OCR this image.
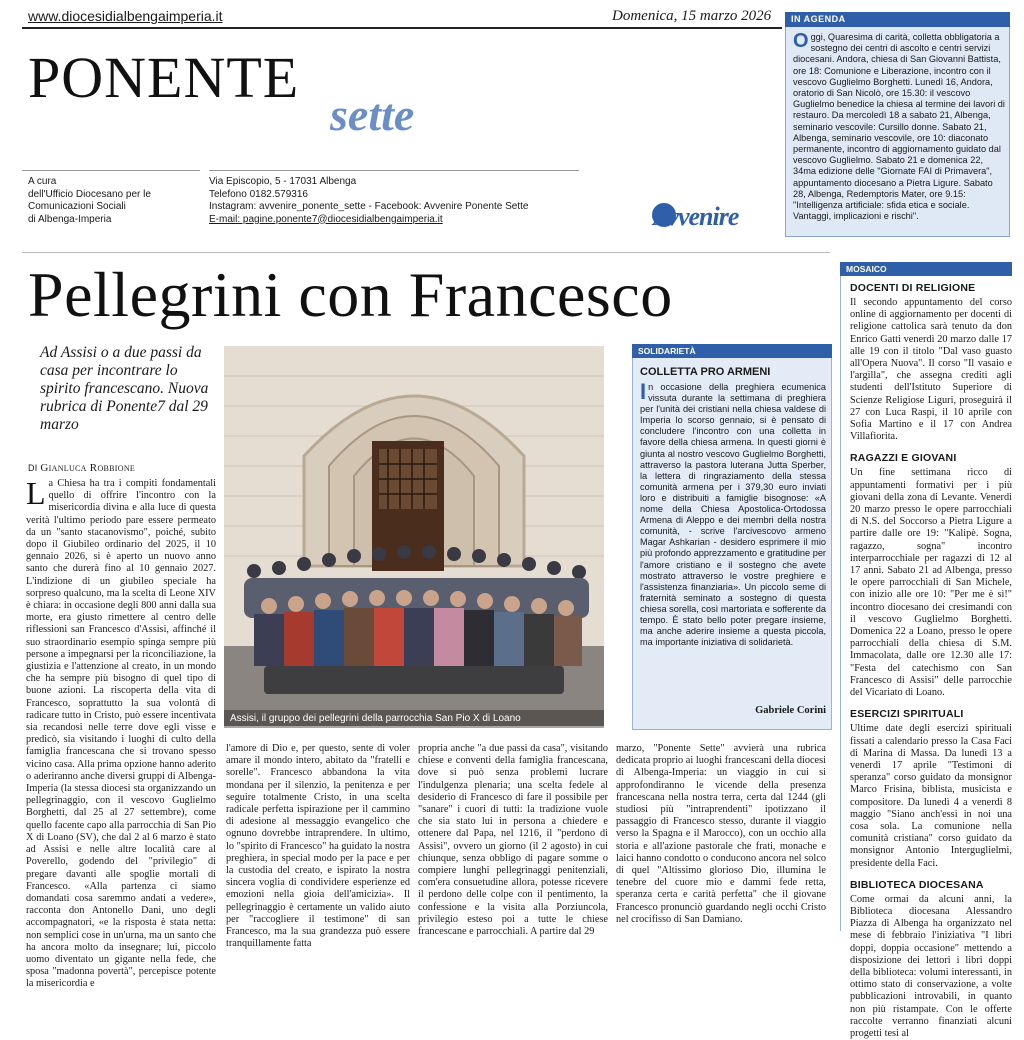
www.diocesidialbengaimperia.it	Domenica, 15 marzo 2026
PONENTE
sette
A cura
dell'Ufficio Diocesano per le
Comunicazioni Sociali
di Albenga-Imperia
Via Episcopio, 5 - 17031 Albenga
Telefono 0182.579316
Instagram: avvenire_ponente_sette - Facebook: Avvenire Ponente Sette
E-mail: pagine.ponente7@diocesidialbengaimperia.it	Avvenire
IN AGENDA
Oggi, Quaresima di carità, colletta obbligatoria a sostegno dei centri di ascolto e centri servizi diocesani. Andora, chiesa di San Giovanni Battista, ore 18: Comunione e Liberazione, incontro con il vescovo Guglielmo Borghetti. Lunedì 16, Andora, oratorio di San Nicolò, ore 15.30: il vescovo Guglielmo benedice la chiesa al termine dei lavori di restauro. Da mercoledì 18 a sabato 21, Albenga, seminario vescovile: Cursillo donne. Sabato 21, Albenga, seminario vescovile, ore 10: diaconato permanente, incontro di aggiornamento guidato dal vescovo Guglielmo. Sabato 21 e domenica 22, 34ma edizione delle "Giornate FAI di Primavera", appuntamento diocesano a Pietra Ligure. Sabato 28, Albenga, Redemptoris Mater, ore 9.15: "Intelligenza artificiale: sfida etica e sociale. Vantaggi, implicazioni e rischi".
Pellegrini con Francesco
Ad Assisi o a due passi da casa per incontrare lo spirito francescano. Nuova rubrica di Ponente7 dal 29 marzo
DI Gianluca Robbione
La Chiesa ha tra i compiti fondamentali quello di offrire l'incontro con la misericordia divina e alla luce di questa verità l'ultimo periodo pare essere permeato da un "santo stacanovismo", poiché, subito dopo il Giubileo ordinario del 2025, il 10 gennaio 2026, si è aperto un nuovo anno santo che durerà fino al 10 gennaio 2027. L'indizione di un giubileo speciale ha sorpreso qualcuno, ma la scelta di Leone XIV è chiara: in occasione degli 800 anni dalla sua morte, era giusto rimettere al centro delle riflessioni san Francesco d'Assisi, affinché il suo straordinario esempio spinga sempre più persone a impegnarsi per la riconciliazione, la giustizia e l'attenzione al creato, in un mondo che ha sempre più bisogno di quel tipo di buone azioni. La riscoperta della vita di Francesco, soprattutto la sua volontà di radicare tutto in Cristo, può essere incentivata sia recandosi nelle terre dove egli visse e predicò, sia visitando i luoghi di culto della famiglia francescana che si trovano spesso vicino casa. Alla prima opzione hanno aderito o aderiranno anche diversi gruppi di Albenga-Imperia (la stessa diocesi sta organizzando un pellegrinaggio, con il vescovo Guglielmo Borghetti, dal 25 al 27 settembre), come quello facente capo alla parrocchia di San Pio X di Loano (SV), che dal 2 al 6 marzo è stato ad Assisi e nelle altre località care al Poverello, godendo del "privilegio" di pregare davanti alle spoglie mortali di Francesco. «Alla partenza ci siamo domandati cosa saremmo andati a vedere», racconta don Antonello Dani, uno degli accompagnatori, «e la risposta è stata netta: non semplici cose in un'urna, ma un santo che ha ancora molto da insegnare; lui, piccolo uomo diventato un gigante nella fede, che sposa "madonna povertà", percepisce potente la misericordia e
Assisi, il gruppo dei pellegrini della parrocchia San Pio X di Loano
l'amore di Dio e, per questo, sente di voler amare il mondo intero, abitato da "fratelli e sorelle". Francesco abbandona la vita mondana per il silenzio, la penitenza e per seguire totalmente Cristo, in una scelta radicale perfetta ispirazione per il cammino di adesione al messaggio evangelico che ognuno dovrebbe intraprendere. In ultimo, lo "spirito di Francesco" ha guidato la nostra preghiera, in special modo per la pace e per la custodia del creato, e ispirato la nostra sincera voglia di condividere esperienze ed emozioni nella gioia dell'amicizia». Il pellegrinaggio è certamente un valido aiuto per "raccogliere il testimone" di san Francesco, ma la sua grandezza può essere tranquillamente fatta
propria anche "a due passi da casa", visitando chiese e conventi della famiglia francescana, dove si può senza problemi lucrare l'indulgenza plenaria; una scelta fedele al desiderio di Francesco di fare il possibile per "sanare" i cuori di tutti: la tradizione vuole che sia stato lui in persona a chiedere e ottenere dal Papa, nel 1216, il "perdono di Assisi", ovvero un giorno (il 2 agosto) in cui chiunque, senza obbligo di pagare somme o compiere lunghi pellegrinaggi penitenziali, com'era consuetudine allora, potesse ricevere il perdono delle colpe con il pentimento, la confessione e la visita alla Porziuncola, privilegio esteso poi a tutte le chiese francescane e parrocchiali. A partire dal 29
marzo, "Ponente Sette" avvierà una rubrica dedicata proprio ai luoghi francescani della diocesi di Albenga-Imperia: un viaggio in cui si approfondiranno le vicende della presenza francescana nella nostra terra, certa dal 1244 (gli studiosi più "intraprendenti" ipotizzano il passaggio di Francesco stesso, durante il viaggio verso la Spagna e il Marocco), con un occhio alla storia e all'azione pastorale che frati, monache e laici hanno condotto o conducono ancora nel solco di quel "Altissimo glorioso Dio, illumina le tenebre del cuore mio e dammi fede retta, speranza certa e carità perfetta" che il giovane Francesco pronunciò guardando negli occhi Cristo nel crocifisso di San Damiano.
SOLIDARIETÀ
COLLETTA PRO ARMENI
In occasione della preghiera ecumenica vissuta durante la settimana di preghiera per l'unità dei cristiani nella chiesa valdese di Imperia lo scorso gennaio, si è pensato di concludere l'incontro con una colletta in favore della chiesa armena. In questi giorni è giunta al nostro vescovo Guglielmo Borghetti, attraverso la pastora luterana Jutta Sperber, la lettera di ringraziamento della stessa comunità armena per i 379,30 euro inviati loro e distribuiti a famiglie bisognose: «A nome della Chiesa Apostolica-Ortodossa Armena di Aleppo e dei membri della nostra comunità, - scrive l'arcivescovo armeno Magar Ashkarian - desidero esprimere il mio più profondo apprezzamento e gratitudine per l'amore cristiano e il sostegno che avete mostrato attraverso le vostre preghiere e l'assistenza finanziaria». Un piccolo seme di fraternità seminato a sostegno di questa chiesa sorella, così martoriata e sofferente da tempo. È stato bello poter pregare insieme, ma anche aderire insieme a questa piccola, ma importante iniziativa di solidarietà.
Gabriele Corini
MOSAICO
DOCENTI DI RELIGIONE
Il secondo appuntamento del corso online di aggiornamento per docenti di religione cattolica sarà tenuto da don Enrico Gatti venerdì 20 marzo dalle 17 alle 19 con il titolo "Dal vaso guasto all'Opera Nuova". Il corso "Il vasaio e l'argilla", che assegna crediti agli studenti dell'Istituto Superiore di Scienze Religiose Liguri, proseguirà il 27 con Luca Raspi, il 10 aprile con Sofia Martino e il 17 con Andrea Villafiorita.
RAGAZZI E GIOVANI
Un fine settimana ricco di appuntamenti formativi per i più giovani della zona di Levante. Venerdì 20 marzo presso le opere parrocchiali di N.S. del Soccorso a Pietra Ligure a partire dalle ore 19: "Kalipè. Sogna, ragazzo, sogna" incontro interparrocchiale per ragazzi di 12 al 17 anni. Sabato 21 ad Albenga, presso le opere parrocchiali di San Michele, con inizio alle ore 10: "Per me è sì!" incontro diocesano dei cresimandi con il vescovo Guglielmo Borghetti. Domenica 22 a Loano, presso le opere parrocchiali della chiesa di S.M. Immacolata, dalle ore 12.30 alle 17: "Festa del catechismo con San Francesco di Assisi" delle parrocchie del Vicariato di Loano.
ESERCIZI SPIRITUALI
Ultime date degli esercizi spirituali fissati a calendario presso la Casa Faci di Marina di Massa. Da lunedì 13 a venerdì 17 aprile "Testimoni di speranza" corso guidato da monsignor Marco Frisina, biblista, musicista e compositore. Da lunedì 4 a venerdì 8 maggio "Siano anch'essi in noi una cosa sola. La comunione nella comunità cristiana" corso guidato da monsignor Antonio Interguglielmi, presidente della Faci.
BIBLIOTECA DIOCESANA
Come ormai da alcuni anni, la Biblioteca diocesana Alessandro Piazza di Albenga ha organizzato nel mese di febbraio l'iniziativa "I libri doppi, doppia occasione" mettendo a disposizione dei lettori i libri doppi della biblioteca: volumi interessanti, in ottimo stato di conservazione, a volte pubblicazioni introvabili, in quanto non più ristampate. Con le offerte raccolte verranno finanziati alcuni progetti tesi al
